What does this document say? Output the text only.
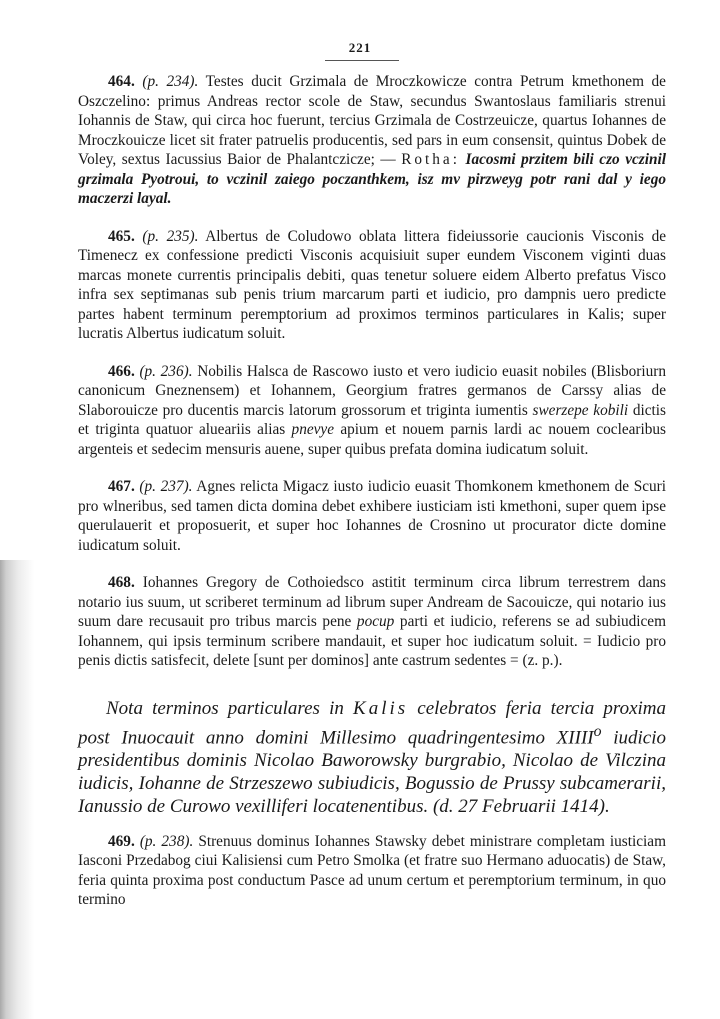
221

464. (p. 234). Testes ducit Grzimala de Mroczkowicze contra Petrum kmethonem de Oszczelino: primus Andreas rector scole de Staw, secundus Swantoslaus familiaris strenui Iohannis de Staw, qui circa hoc fuerunt, tercius Grzimala de Costrzeuicze, quartus Iohannes de Mroczkouicze licet sit frater patruelis producentis, sed pars in eum consensit, quintus Dobek de Voley, sextus Iacussius Baior de Phalantczicze; — Rotha: Iacosmi przitem bili czo vczinil grzimala Pyotroui, to vczinil zaiego poczanthkem, isz mv pirzweyg potr rani dal y iego maczerzi layal.

465. (p. 235). Albertus de Coludowo oblata littera fideiussorie caucionis Visconis de Timenecz ex confessione predicti Visconis acquisiuit super eundem Visconem viginti duas marcas monete currentis principalis debiti, quas tenetur soluere eidem Alberto prefatus Visco infra sex septimanas sub penis trium marcarum parti et iudicio, pro dampnis uero predicte partes habent terminum peremptorium ad proximos terminos particulares in Kalis; super lucratis Albertus iudicatum soluit.

466. (p. 236). Nobilis Halsca de Rascowo iusto et vero iudicio euasit nobiles (Blisboriurn canonicum Gneznensem) et Iohannem, Georgium fratres germanos de Carssy alias de Slaborouicze pro ducentis marcis latorum grossorum et triginta iumentis swerzepe kobili dictis et triginta quatuor alueariis alias pnevye apium et nouem parnis lardi ac nouem coclearibus argenteis et sedecim mensuris auene, super quibus prefata domina iudicatum soluit.

467. (p. 237). Agnes relicta Migacz iusto iudicio euasit Thomkonem kmethonem de Scuri pro wlneribus, sed tamen dicta domina debet exhibere iusticiam isti kmethoni, super quem ipse querulauerit et proposuerit, et super hoc Iohannes de Crosnino ut procurator dicte domine iudicatum soluit.

468. Iohannes Gregory de Cothoiedsco astitit terminum circa librum terrestrem dans notario ius suum, ut scriberet terminum ad librum super Andream de Sacouicze, qui notario ius suum dare recusauit pro tribus marcis pene pocup parti et iudicio, referens se ad subiudicem Iohannem, qui ipsis terminum scribere mandauit, et super hoc iudicatum soluit. = Iudicio pro penis dictis satisfecit, delete [sunt per dominos] ante castrum sedentes = (z. p.).

Nota terminos particulares in Kalis celebratos feria tercia proxima post Inuocauit anno domini Millesimo quadringentesimo XIIII$^o$ iudicio presidentibus dominis Nicolao Baworowsky burgrabio, Nicolao de Vilczina iudicis, Iohanne de Strzeszewo subiudicis, Bogussio de Prussy subcamerarii, Ianussio de Curowo vexilliferi locatenentibus. (d. 27 Februarii 1414).

469. (p. 238). Strenuus dominus Iohannes Stawsky debet ministrare completam iusticiam Iasconi Przedabog ciui Kalisiensi cum Petro Smolka (et fratre suo Hermano aduocatis) de Staw, feria quinta proxima post conductum Pasce ad unum certum et peremptorium terminum, in quo termino
